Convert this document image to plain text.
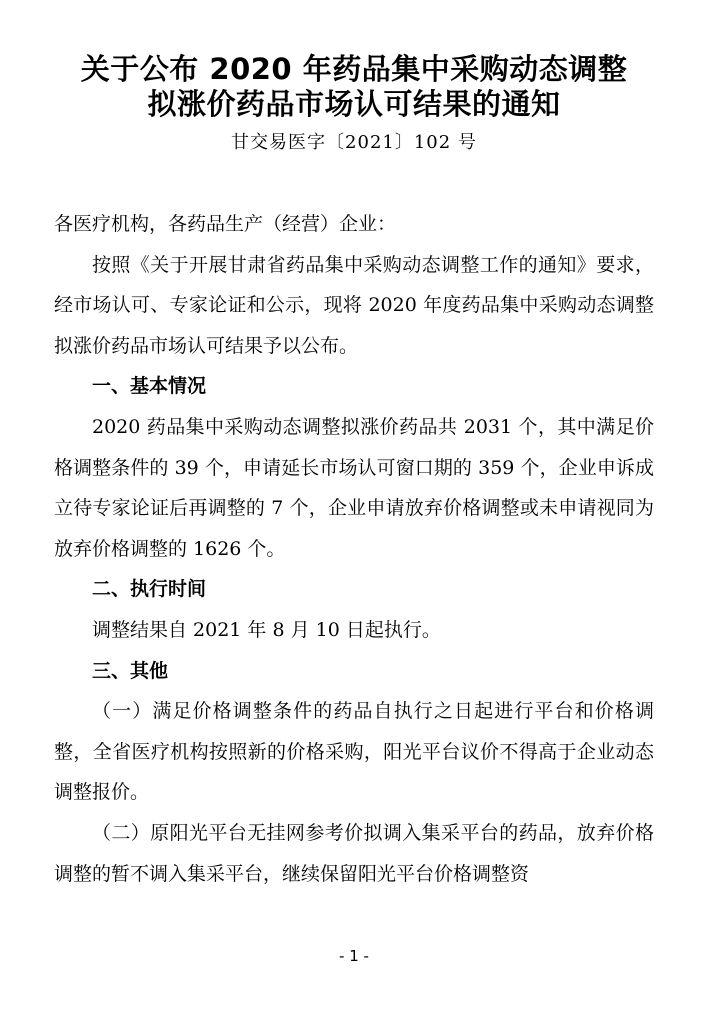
关于公布 2020 年药品集中采购动态调整
拟涨价药品市场认可结果的通知
甘交易医字〔2021〕102 号

各医疗机构，各药品生产（经营）企业：

按照《关于开展甘肃省药品集中采购动态调整工作的通知》要求，经市场认可、专家论证和公示，现将 2020 年度药品集中采购动态调整拟涨价药品市场认可结果予以公布。

一、基本情况

2020 药品集中采购动态调整拟涨价药品共 2031 个，其中满足价格调整条件的 39 个，申请延长市场认可窗口期的 359 个，企业申诉成立待专家论证后再调整的 7 个，企业申请放弃价格调整或未申请视同为放弃价格调整的 1626 个。

二、执行时间

调整结果自 2021 年 8 月 10 日起执行。

三、其他

（一）满足价格调整条件的药品自执行之日起进行平台和价格调整，全省医疗机构按照新的价格采购，阳光平台议价不得高于企业动态调整报价。

（二）原阳光平台无挂网参考价拟调入集采平台的药品，放弃价格调整的暂不调入集采平台，继续保留阳光平台价格调整资

- 1 -
